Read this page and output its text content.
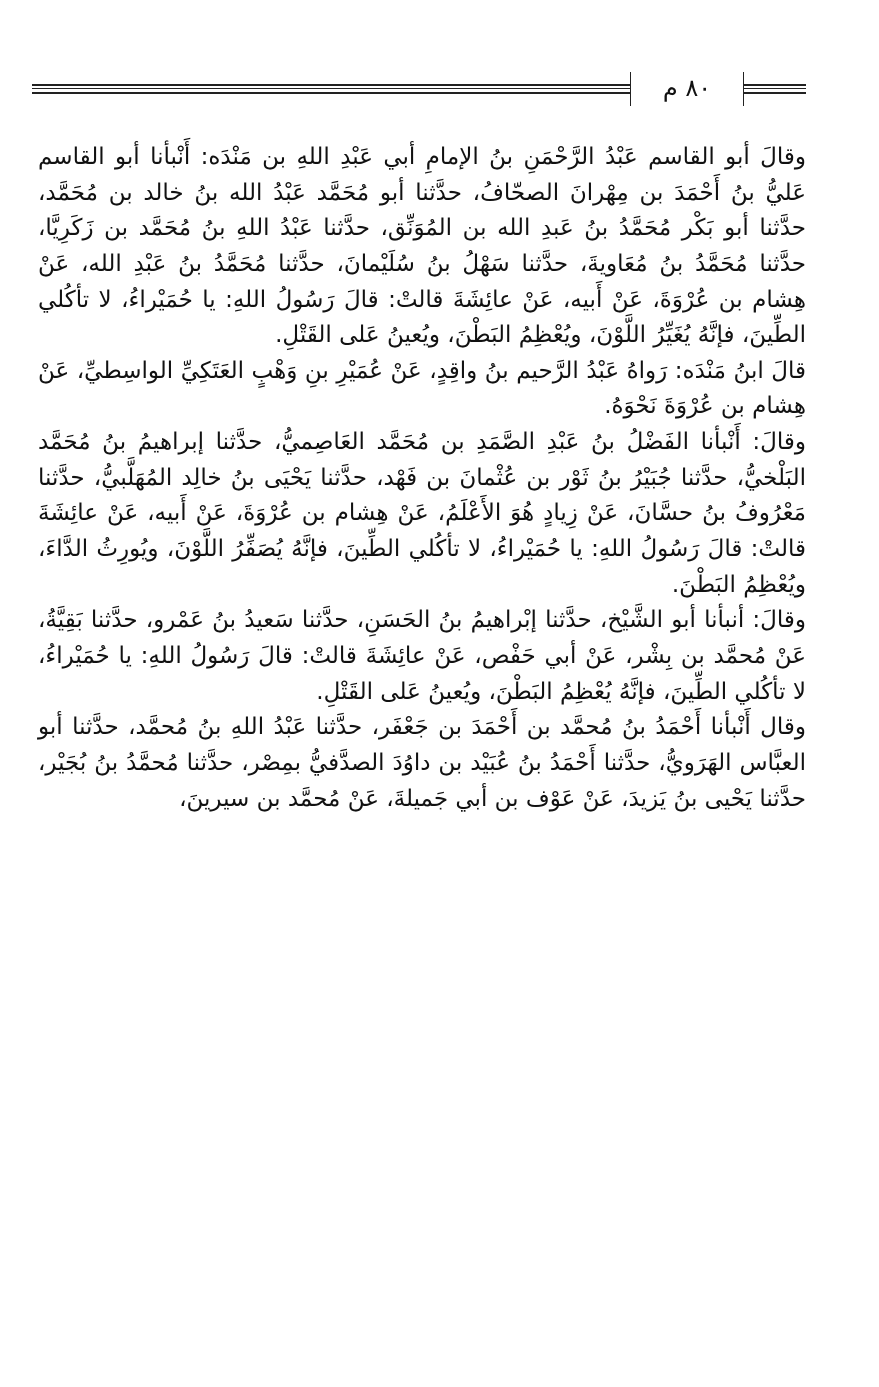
٨٠ م

وقالَ أبو القاسم عَبْدُ الرَّحْمَنِ بنُ الإمامِ أبي عَبْدِ اللهِ بن مَنْدَه: أَنْبأنا أبو القاسم عَليُّ بنُ أَحْمَدَ بن مِهْرانَ الصحّافُ، حدَّثنا أبو مُحَمَّد عَبْدُ الله بنُ خالد بن مُحَمَّد، حدَّثنا أبو بَكْر مُحَمَّدُ بنُ عَبدِ الله بن المُوَنِّق، حدَّثنا عَبْدُ اللهِ بنُ مُحَمَّد بن زَكَرِيَّا، حدَّثنا مُحَمَّدُ بنُ مُعَاويةَ، حدَّثنا سَهْلُ بنُ سُلَيْمانَ، حدَّثنا مُحَمَّدُ بنُ عَبْدِ الله، عَنْ هِشام بن عُرْوَةَ، عَنْ أَبيه، عَنْ عائِشَةَ قالتْ: قالَ رَسُولُ اللهِ: يا حُمَيْراءُ، لا تأكُلي الطِّينَ، فإنَّهُ يُغَيِّرُ اللَّوْنَ، ويُعْظِمُ البَطْنَ، ويُعينُ عَلى القَتْلِ.

قالَ ابنُ مَنْدَه: رَواهُ عَبْدُ الرَّحيم بنُ واقِدٍ، عَنْ عُمَيْرِ بنِ وَهْبٍ العَتَكِيِّ الواسِطيِّ، عَنْ هِشام بن عُرْوَةَ نَحْوَهُ.

وقالَ: أَنْبأنا الفَضْلُ بنُ عَبْدِ الصَّمَدِ بن مُحَمَّد العَاصِميُّ، حدَّثنا إبراهيمُ بنُ مُحَمَّد البَلْخيُّ، حدَّثنا جُبَيْرُ بنُ ثَوْر بن عُثْمانَ بن فَهْد، حدَّثنا يَحْيَى بنُ خالِد المُهَلَّبيُّ، حدَّثنا مَعْرُوفُ بنُ حسَّانَ، عَنْ زِيادٍ هُوَ الأَعْلَمُ، عَنْ هِشام بن عُرْوَةَ، عَنْ أَبيه، عَنْ عائِشَةَ قالتْ: قالَ رَسُولُ اللهِ: يا حُمَيْراءُ، لا تأكُلي الطِّينَ، فإنَّهُ يُصَفِّرُ اللَّوْنَ، ويُورِثُ الدَّاءَ، ويُعْظِمُ البَطْنَ.

وقالَ: أنبأنا أبو الشَّيْخ، حدَّثنا إبْراهيمُ بنُ الحَسَنِ، حدَّثنا سَعيدُ بنُ عَمْرو، حدَّثنا بَقِيَّةُ، عَنْ مُحمَّد بن بِشْر، عَنْ أبي حَفْص، عَنْ عائِشَةَ قالتْ: قالَ رَسُولُ اللهِ: يا حُمَيْراءُ، لا تأكُلي الطِّينَ، فإنَّهُ يُعْظِمُ البَطْنَ، ويُعينُ عَلى القَتْلِ.

وقال أَنْبأنا أَحْمَدُ بنُ مُحمَّد بن أَحْمَدَ بن جَعْفَر، حدَّثنا عَبْدُ اللهِ بنُ مُحمَّد، حدَّثنا أبو العبَّاس الهَرَويُّ، حدَّثنا أَحْمَدُ بنُ عُبَيْد بن داوُدَ الصدَّفيُّ بمِصْر، حدَّثنا مُحمَّدُ بنُ بُجَيْر، حدَّثنا يَحْيى بنُ يَزيدَ، عَنْ عَوْف بن أبي جَميلةَ، عَنْ مُحمَّد بن سيرينَ،
